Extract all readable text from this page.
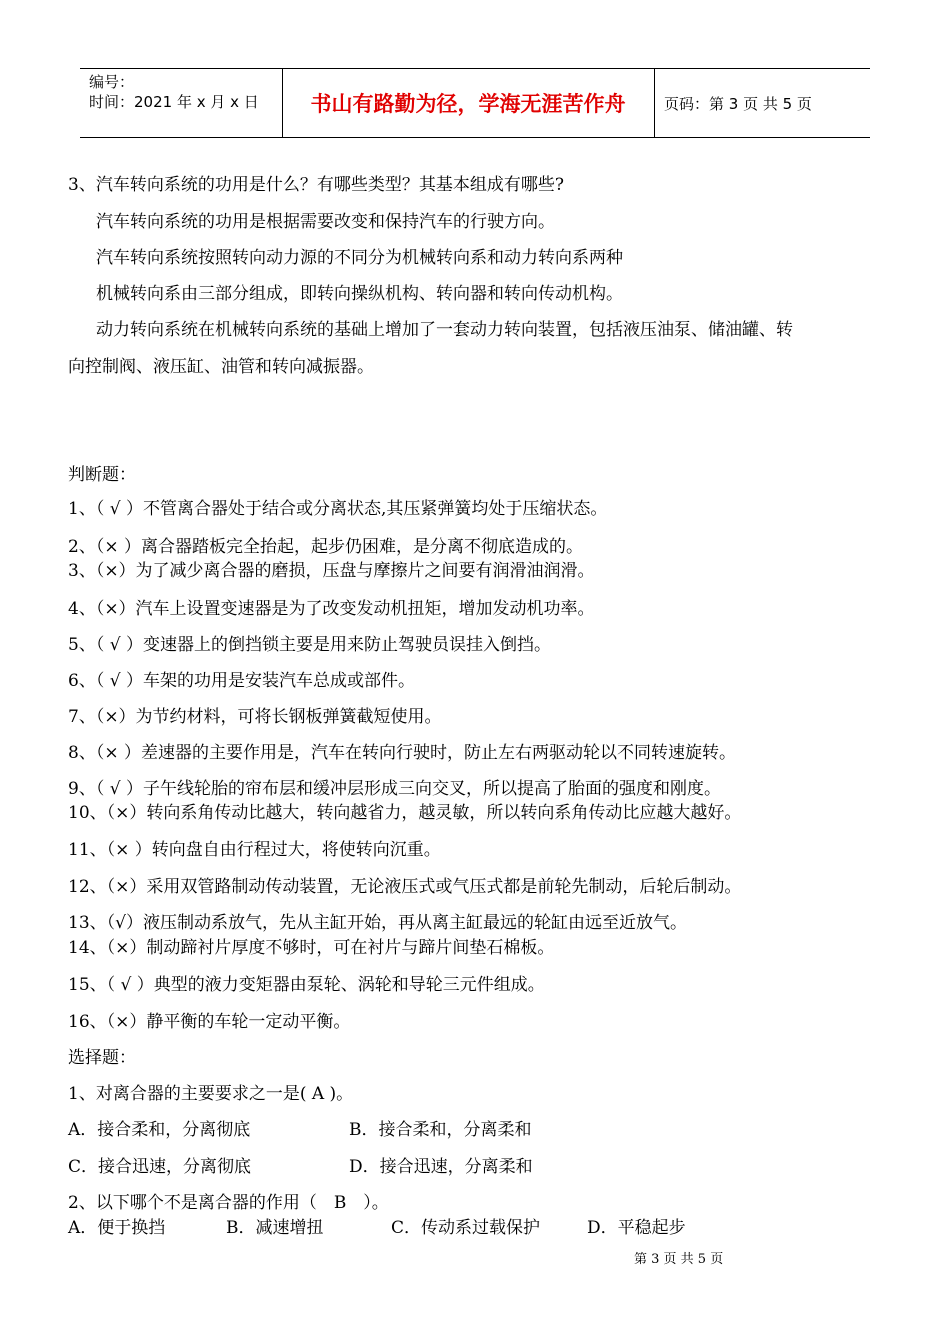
编号：
时间：2021 年 x 月 x 日	书山有路勤为径，学海无涯苦作舟	页码：第 3 页 共 5 页
3、汽车转向系统的功用是什么？有哪些类型？其基本组成有哪些?
汽车转向系统的功用是根据需要改变和保持汽车的行驶方向。
汽车转向系统按照转向动力源的不同分为机械转向系和动力转向系两种
机械转向系由三部分组成，即转向操纵机构、转向器和转向传动机构。
动力转向系统在机械转向系统的基础上增加了一套动力转向装置，包括液压油泵、储油罐、转
向控制阀、液压缸、油管和转向减振器。
判断题：
1、（ √ ）不管离合器处于结合或分离状态,其压紧弹簧均处于压缩状态。
2、（× ）离合器踏板完全抬起，起步仍困难，是分离不彻底造成的。
3、（×）为了减少离合器的磨损，压盘与摩擦片之间要有润滑油润滑。
4、（×）汽车上设置变速器是为了改变发动机扭矩，增加发动机功率。
5、（ √ ）变速器上的倒挡锁主要是用来防止驾驶员误挂入倒挡。
6、（ √ ）车架的功用是安装汽车总成或部件。
7、（×）为节约材料，可将长钢板弹簧截短使用。
8、（× ）差速器的主要作用是，汽车在转向行驶时，防止左右两驱动轮以不同转速旋转。
9、（ √ ）子午线轮胎的帘布层和缓冲层形成三向交叉，所以提高了胎面的强度和刚度。
10、（×）转向系角传动比越大，转向越省力，越灵敏，所以转向系角传动比应越大越好。
11、（× ）转向盘自由行程过大，将使转向沉重。
12、（×）采用双管路制动传动装置，无论液压式或气压式都是前轮先制动，后轮后制动。
13、（√）液压制动系放气，先从主缸开始，再从离主缸最远的轮缸由远至近放气。
14、（×）制动蹄衬片厚度不够时，可在衬片与蹄片间垫石棉板。
15、（ √ ）典型的液力变矩器由泵轮、涡轮和导轮三元件组成。
16、（×）静平衡的车轮一定动平衡。
选择题：
1、对离合器的主要要求之一是( A )。
A．接合柔和，分离彻底	B．接合柔和，分离柔和
C．接合迅速，分离彻底	D．接合迅速，分离柔和
2、以下哪个不是离合器的作用（　B　）。
A．便于换挡	B．减速增扭	C．传动系过载保护	D．平稳起步
第 3 页 共 5 页
